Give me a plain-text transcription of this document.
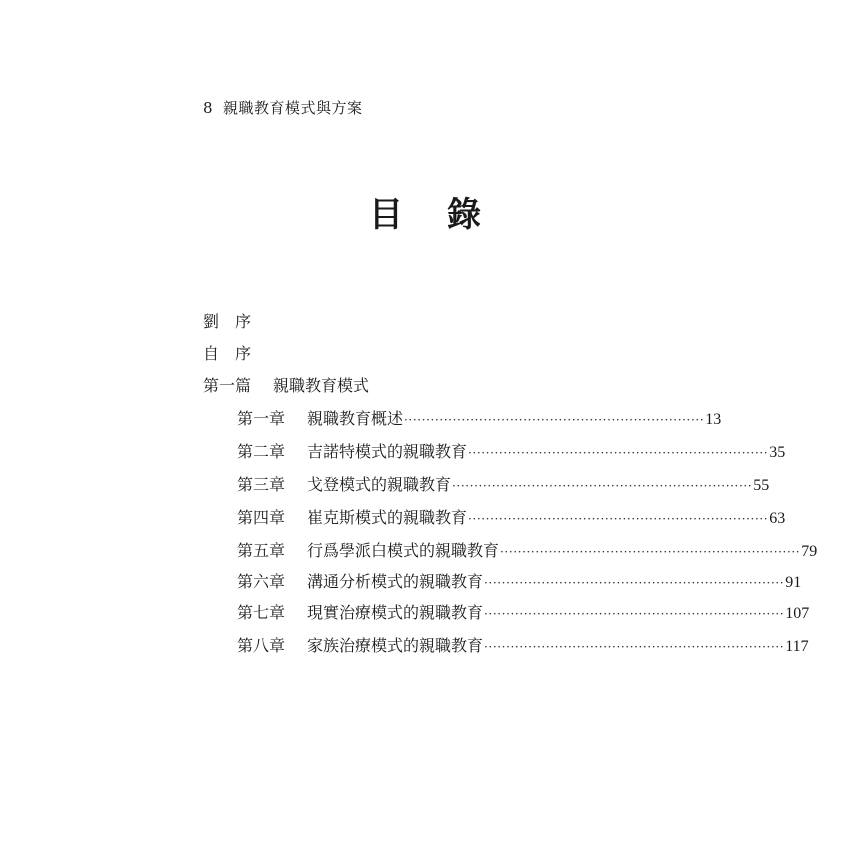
8 親職教育模式與方案
目 錄
劉 序
自 序
第一篇 親職教育模式
第一章	親職教育概述 ···································································· 13
第二章	吉諾特模式的親職教育 ···································································· 35
第三章	戈登模式的親職教育 ···································································· 55
第四章	崔克斯模式的親職教育 ···································································· 63
第五章	行爲學派白模式的親職教育 ···································································· 79
第六章	溝通分析模式的親職教育 ···································································· 91
第七章	現實治療模式的親職教育 ···································································· 107
第八章	家族治療模式的親職教育 ···································································· 117
